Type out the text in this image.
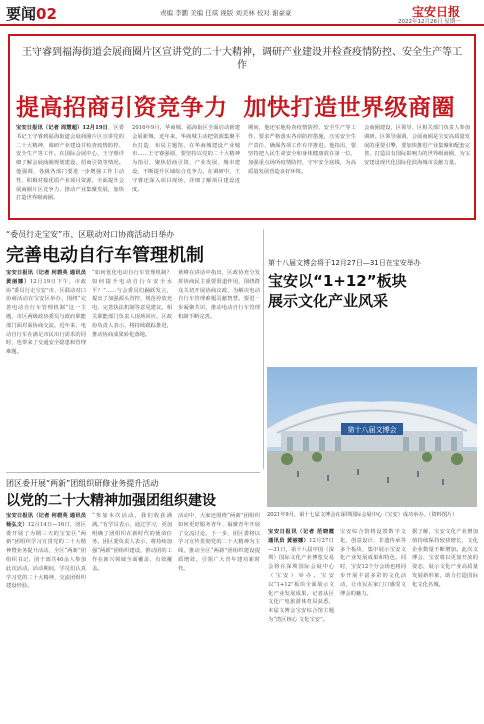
要闻02	责编 李鹏 美编 任琪 视版 刘美林 校对 谢豪豪	宝安日报
2022年12月26日 星期一
王守睿到福海街道会展商圈片区宣讲党的二十大精神，调研产业建设并检查疫情防控、安全生产等工作
提高招商引资竞争力 加快打造世界级商圈
宝安日报讯（记者 周慧超）12月19日，区委书记王守睿到福海街道会展商圈片区宣讲党的二十大精神，调研产业建设并检查疫情防控、安全生产等工作。在国际会展中心，王守睿详细了解会展商圈规划建设、招商引资等情况。他强调，各级各部门要进一步增强工作主动性，积极对接优质产业项目资源，全面提升会展商圈片区竞争力，推动产业集聚发展，加快打造世界级商圈。
2016年9月，华商城、福海街区全面启动新建会展新城，近年来，华商城主动把资源集聚平台打造，布局主题馆，在华商城建设产业城市……王守睿强调，要坚持以党的二十大精神为指引，聚焦招商引资、产业发展、城市建设，不断提升区域综合竞争力。在调研中，王守睿还深入项目现场，详细了解项目建设进度。
期间，他还实地检查疫情防控、安全生产等工作，要求严格落实各项防控措施，压实安全生产责任，确保各项工作有序推进。他指出，要坚持把人民生命安全和身体健康放在第一位，加强重点场所疫情防控，守牢安全底线，为高质量发展营造良好环境。
会商圈建设，区领导、区相关部门负责人参加调研。区领导强调，会展商圈是宝安高质量发展的重要引擎，要加快推进产业集聚和配套完善，打造具有国际影响力的世界级商圈，为宝安建设现代化国际化滨海城市贡献力量。
“委员行走宝安”市、区联动对口协商活动日举办
完善电动自行车管理机制
宝安日报讯（记者 何碧英 通讯员 黄丽娜）12月19日下午，市政协“委员行走宝安”市、区联动对口协商活动在宝安区举办，围绕“完善电动自行车管理机制”这一主题，市区两级政协委员与政府职能部门面对面协商交流。近年来，电动自行车在满足市民出行需求的同时，也带来了交通安全隐患和管理难题。
“如何优化电动自行车管理机制？如何提升电动自行车安全水平？”……与会委员们踊跃发言，提出了加强源头管控、规范停放充电、完善执法机制等意见建议。相关职能部门负责人现场回应。区政协负责人表示，将持续跟踪推进，推动协商成果转化落地。
黄峰在讲话中指出，区政协充分发挥协商民主重要渠道作用，围绕群众关切开展协商议政，为解决电动自行车管理难题贡献智慧。要进一步凝聚共识，推动电动自行车管理机制不断完善。
第十八届文博会将于12月27日—31日在宝安举办
宝安以“1+12”板块
展示文化产业风采
第十八届文博会
2021年9月，第十七届文博会在深圳国际会展中心（宝安）成功举办。（资料图片）
宝安日报讯（记者 范晓霞 通讯员 黄丽娜）12月27日—31日，第十八届中国（深圳）国际文化产业博览交易会将在深圳国际会展中心（宝安）举办。宝安以“1+12”板块全面展示文化产业发展成果。记者从区文化广电旅游体育局获悉，本届文博会宝安综合馆主题为“湾区核心 文化宝安”。
宝安综合馆将设置数字文化、创意设计、非遗传承等多个板块，集中展示宝安文化产业发展成果和特色。同时，宝安12个分会场也将同步开展丰富多彩的文化活动，让市民在家门口感受文博会的魅力。
据了解，宝安文化产业增加值持续保持较快增长，文化企业数量不断增加。此次文博会，宝安将以更加开放的姿态，展示文化产业高质量发展新形象，助力打造国际化文化名城。
团区委开展“两新”团组织研修业务提升活动
以党的二十大精神加强团组织建设
宝安日报讯（记者 何碧英 通讯员 杨弘文）12月14日—16日，团区委开展了为期三天的宝安区“两新”团组织学习宣贯党的二十大精神暨业务提升活动，全区“两新”团组织书记、团干部共40余人参加此次活动。活动期间，学员们认真学习党的二十大精神，交流团组织建设经验。
“参加本次活动，我们收获满满。”有学员表示，通过学习，更加明确了团组织在新时代的使命任务。团区委负责人表示，将持续加强“两新”团组织建设，推动团的工作在新兴领域全面覆盖、有效覆盖。
活动中，大家还围绕“两新”团组织如何更好服务青年、凝聚青年开展了交流讨论。下一步，团区委将以学习宣传贯彻党的二十大精神为主线，推动全区“两新”团组织建设提质增效，引领广大青年建功新时代。
